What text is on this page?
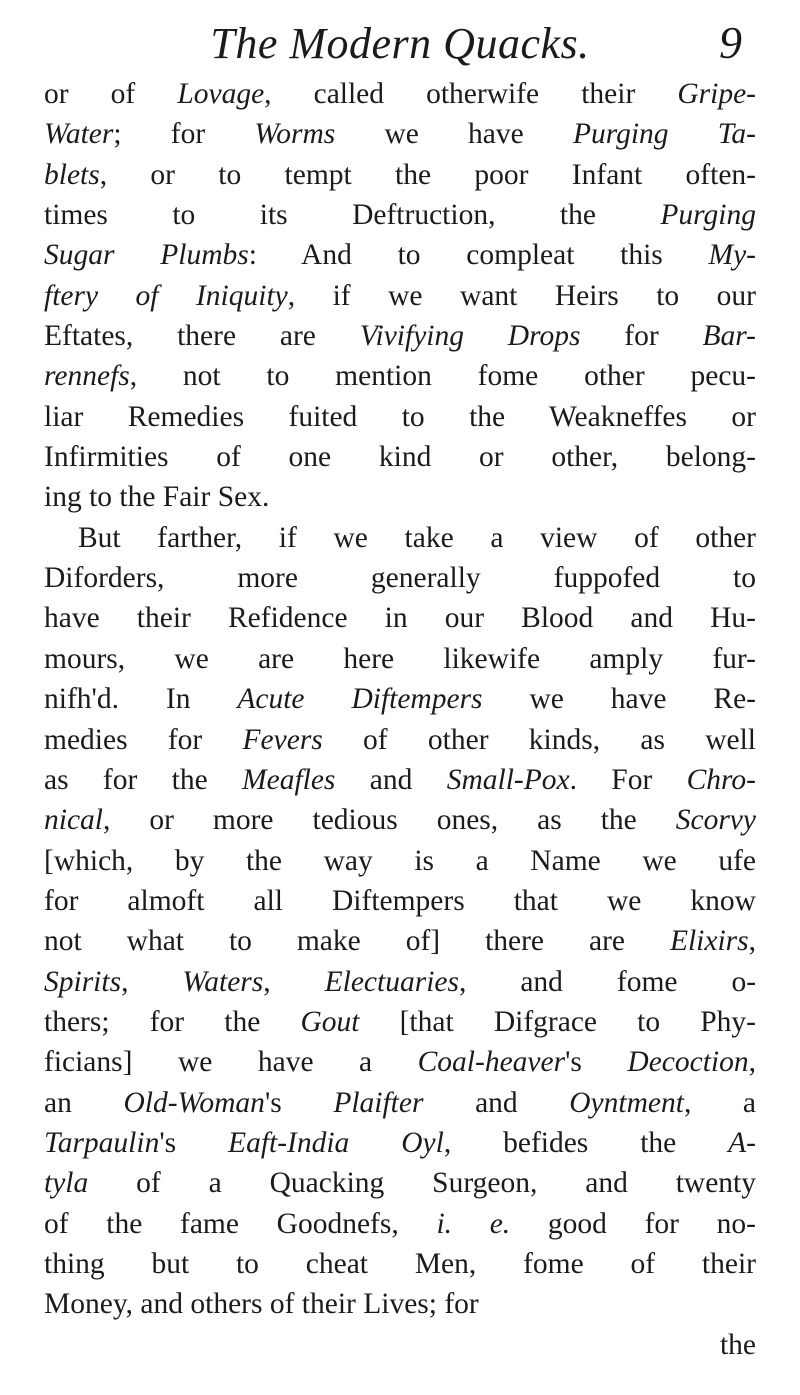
The Modern Quacks.	9
or of Lovage, called otherwife their Gripe-
Water; for Worms we have Purging Ta-
blets, or to tempt the poor Infant often-
times to its Deftruction, the Purging
Sugar Plumbs: And to compleat this My-
ftery of Iniquity, if we want Heirs to our
Eftates, there are Vivifying Drops for Bar-
rennefs, not to mention fome other pecu-
liar Remedies fuited to the Weakneffes or
Infirmities of one kind or other, belong-
ing to the Fair Sex.
But farther, if we take a view of other
Diforders, more generally fuppofed to
have their Refidence in our Blood and Hu-
mours, we are here likewife amply fur-
nifh'd. In Acute Diftempers we have Re-
medies for Fevers of other kinds, as well
as for the Meafles and Small-Pox. For Chro-
nical, or more tedious ones, as the Scorvy
[which, by the way is a Name we ufe
for almoft all Diftempers that we know
not what to make of] there are Elixirs,
Spirits, Waters, Electuaries, and fome o-
thers; for the Gout [that Difgrace to Phy-
ficians] we have a Coal-heaver's Decoction,
an Old-Woman's Plaifter and Oyntment, a
Tarpaulin's Eaft-India Oyl, befides the A-
tyla of a Quacking Surgeon, and twenty
of the fame Goodnefs, i. e. good for no-
thing but to cheat Men, fome of their
Money, and others of their Lives; for
the
